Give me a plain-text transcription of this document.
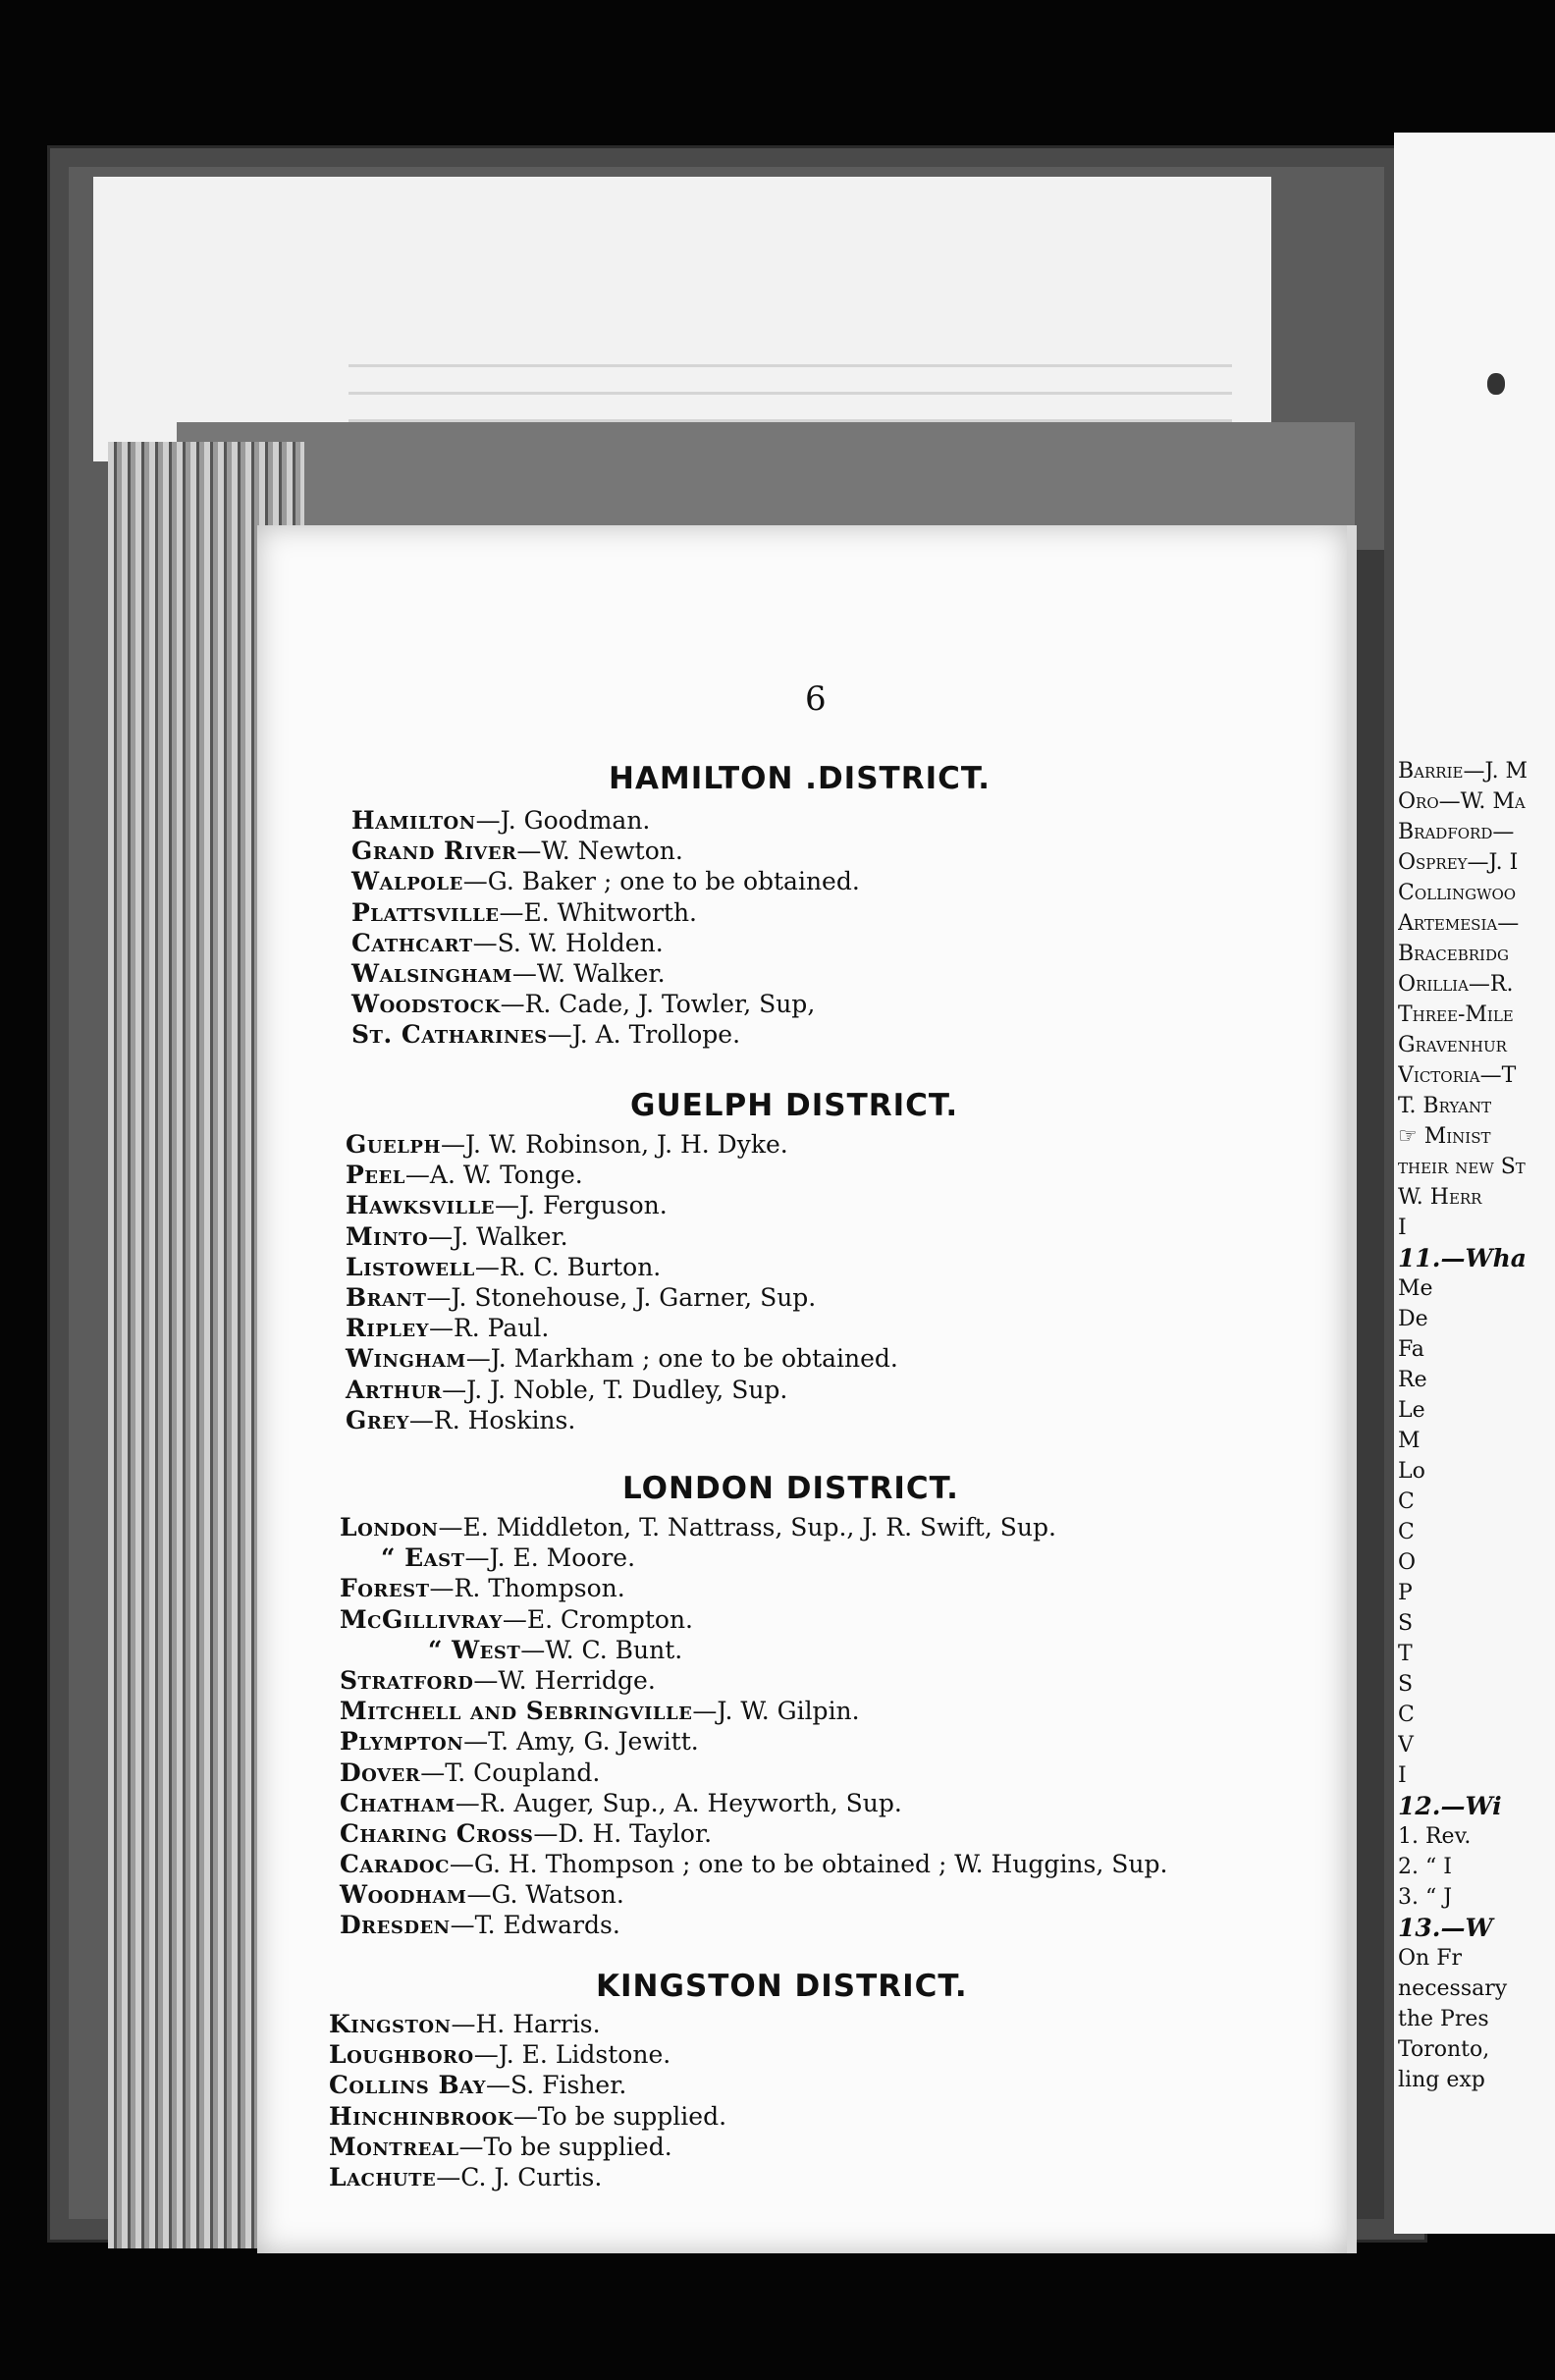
Barrie—J. M
Oro—W. Ma
Bradford—
Osprey—J. I
Collingwoo
Artemesia—
Bracebridg
Orillia—R.
Three-Mile
Gravenhur
Victoria—T
T. Bryant
☞ Minist
their new St
W. Herr
I
11.—Wha
Me
De
Fa
Re
Le
M
Lo
C
C
O
P
S
T
S
C
V
I
12.—Wi
1. Rev.
2. “ I
3. “ J
13.—W
On Fr
necessary
the Pres
Toronto,
ling exp
6
HAMILTON .DISTRICT.
Hamilton—J. Goodman.
Grand River—W. Newton.
Walpole—G. Baker ; one to be obtained.
Plattsville—E. Whitworth.
Cathcart—S. W. Holden.
Walsingham—W. Walker.
Woodstock—R. Cade, J. Towler, Sup,
St. Catharines—J. A. Trollope.
GUELPH DISTRICT.
Guelph—J. W. Robinson, J. H. Dyke.
Peel—A. W. Tonge.
Hawksville—J. Ferguson.
Minto—J. Walker.
Listowell—R. C. Burton.
Brant—J. Stonehouse, J. Garner, Sup.
Ripley—R. Paul.
Wingham—J. Markham ; one to be obtained.
Arthur—J. J. Noble, T. Dudley, Sup.
Grey—R. Hoskins.
LONDON DISTRICT.
London—E. Middleton, T. Nattrass, Sup., J. R. Swift, Sup.
“ East—J. E. Moore.
Forest—R. Thompson.
McGillivray—E. Crompton.
“ West—W. C. Bunt.
Stratford—W. Herridge.
Mitchell and Sebringville—J. W. Gilpin.
Plympton—T. Amy, G. Jewitt.
Dover—T. Coupland.
Chatham—R. Auger, Sup., A. Heyworth, Sup.
Charing Cross—D. H. Taylor.
Caradoc—G. H. Thompson ; one to be obtained ; W. Huggins, Sup.
Woodham—G. Watson.
Dresden—T. Edwards.
KINGSTON DISTRICT.
Kingston—H. Harris.
Loughboro—J. E. Lidstone.
Collins Bay—S. Fisher.
Hinchinbrook—To be supplied.
Montreal—To be supplied.
Lachute—C. J. Curtis.
